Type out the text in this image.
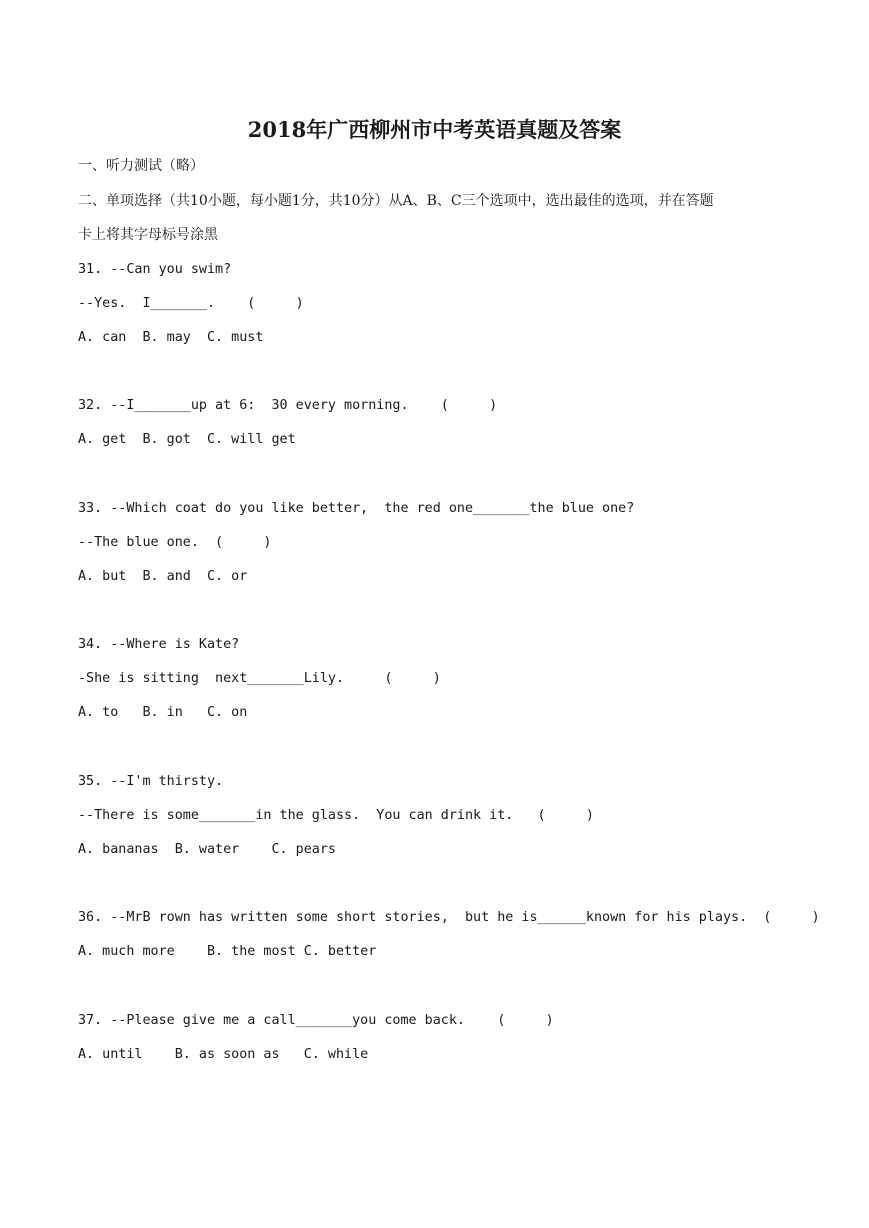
2018年广西柳州市中考英语真题及答案
一、听力测试（略）
二、单项选择（共10小题，每小题1分，共10分）从A、B、C三个选项中，选出最佳的选项，并在答题
卡上将其字母标号涂黑
31. --Can you swim?
--Yes.  I_______.    (     )
A. can  B. may  C. must
32. --I_______up at 6:  30 every morning.    (     )
A. get  B. got  C. will get
33. --Which coat do you like better,  the red one_______the blue one?
--The blue one.  (     )
A. but  B. and  C. or
34. --Where is Kate?
-She is sitting  next_______Lily.     (     )
A. to   B. in   C. on
35. --I'm thirsty.
--There is some_______in the glass.  You can drink it.   (     )
A. bananas  B. water    C. pears
36. --MrB rown has written some short stories,  but he is______known for his plays.  (     )
A. much more    B. the most C. better
37. --Please give me a call_______you come back.    (     )
A. until    B. as soon as   C. while
